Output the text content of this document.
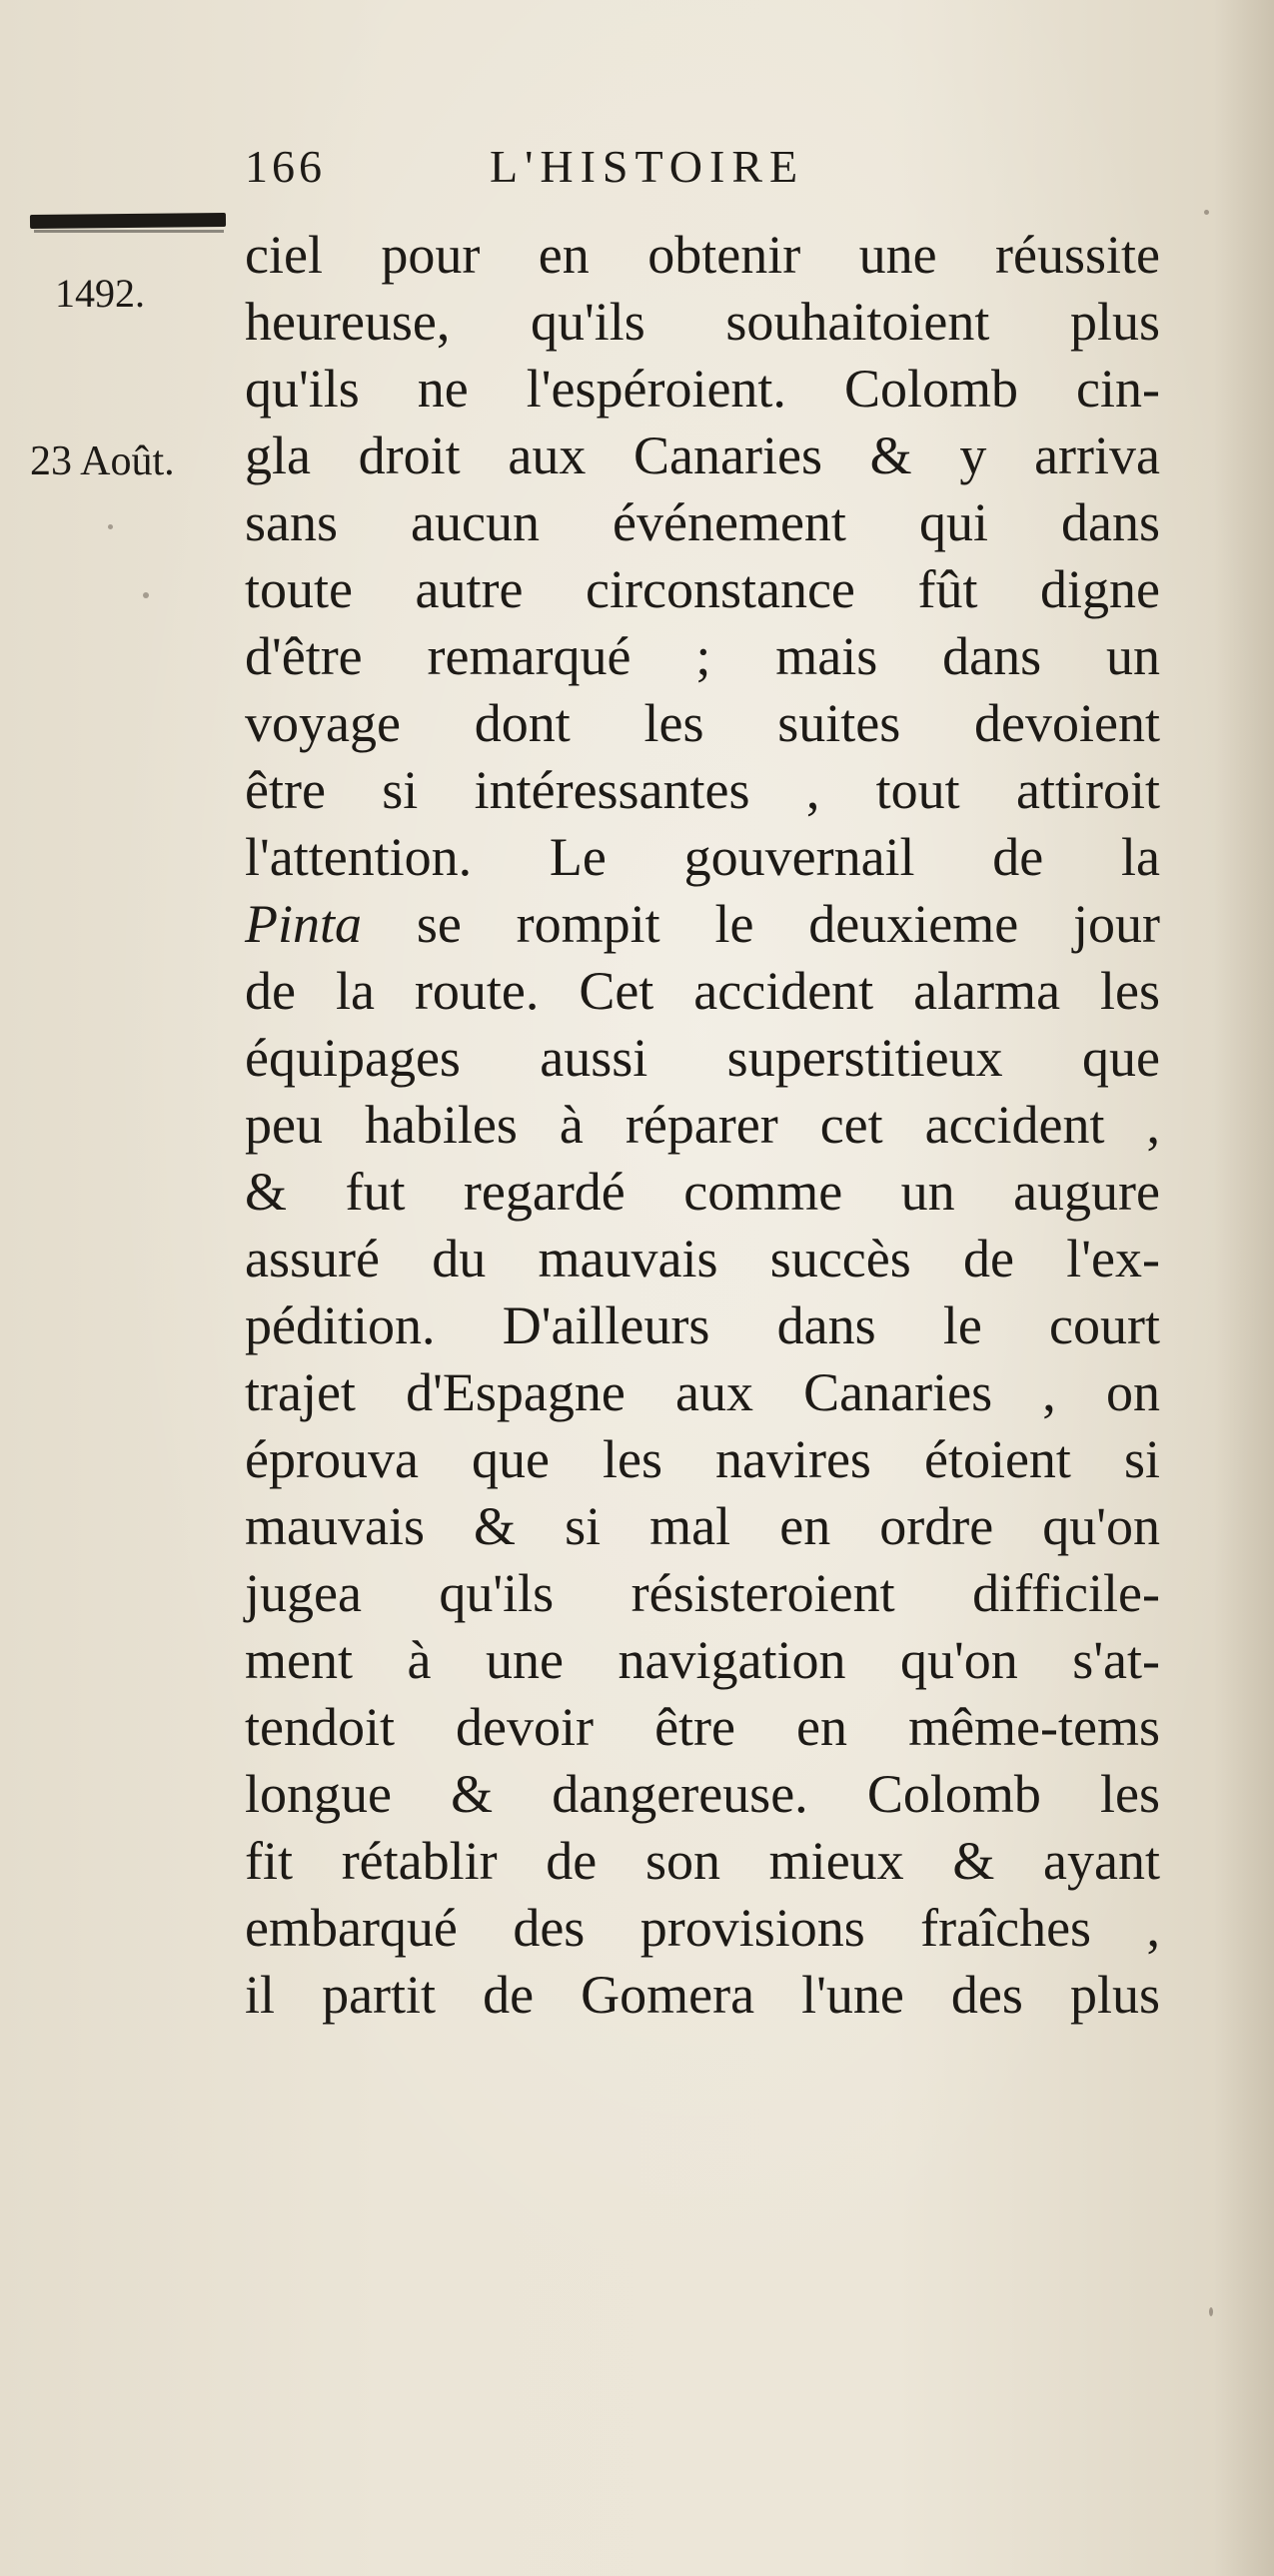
166	L'HISTOIRE
1492.
23 Août.
ciel pour en obtenir une réussite
heureuse, qu'ils souhaitoient plus
qu'ils ne l'espéroient. Colomb cin-
gla droit aux Canaries & y arriva
sans aucun événement qui dans
toute autre circonstance fût digne
d'être remarqué ; mais dans un
voyage dont les suites devoient
être si intéressantes , tout attiroit
l'attention. Le gouvernail de la
Pinta se rompit le deuxieme jour
de la route. Cet accident alarma les
équipages aussi superstitieux que
peu habiles à réparer cet accident ,
& fut regardé comme un augure
assuré du mauvais succès de l'ex-
pédition. D'ailleurs dans le court
trajet d'Espagne aux Canaries , on
éprouva que les navires étoient si
mauvais & si mal en ordre qu'on
jugea qu'ils résisteroient difficile-
ment à une navigation qu'on s'at-
tendoit devoir être en même-tems
longue & dangereuse. Colomb les
fit rétablir de son mieux & ayant
embarqué des provisions fraîches ,
il partit de Gomera l'une des plus
